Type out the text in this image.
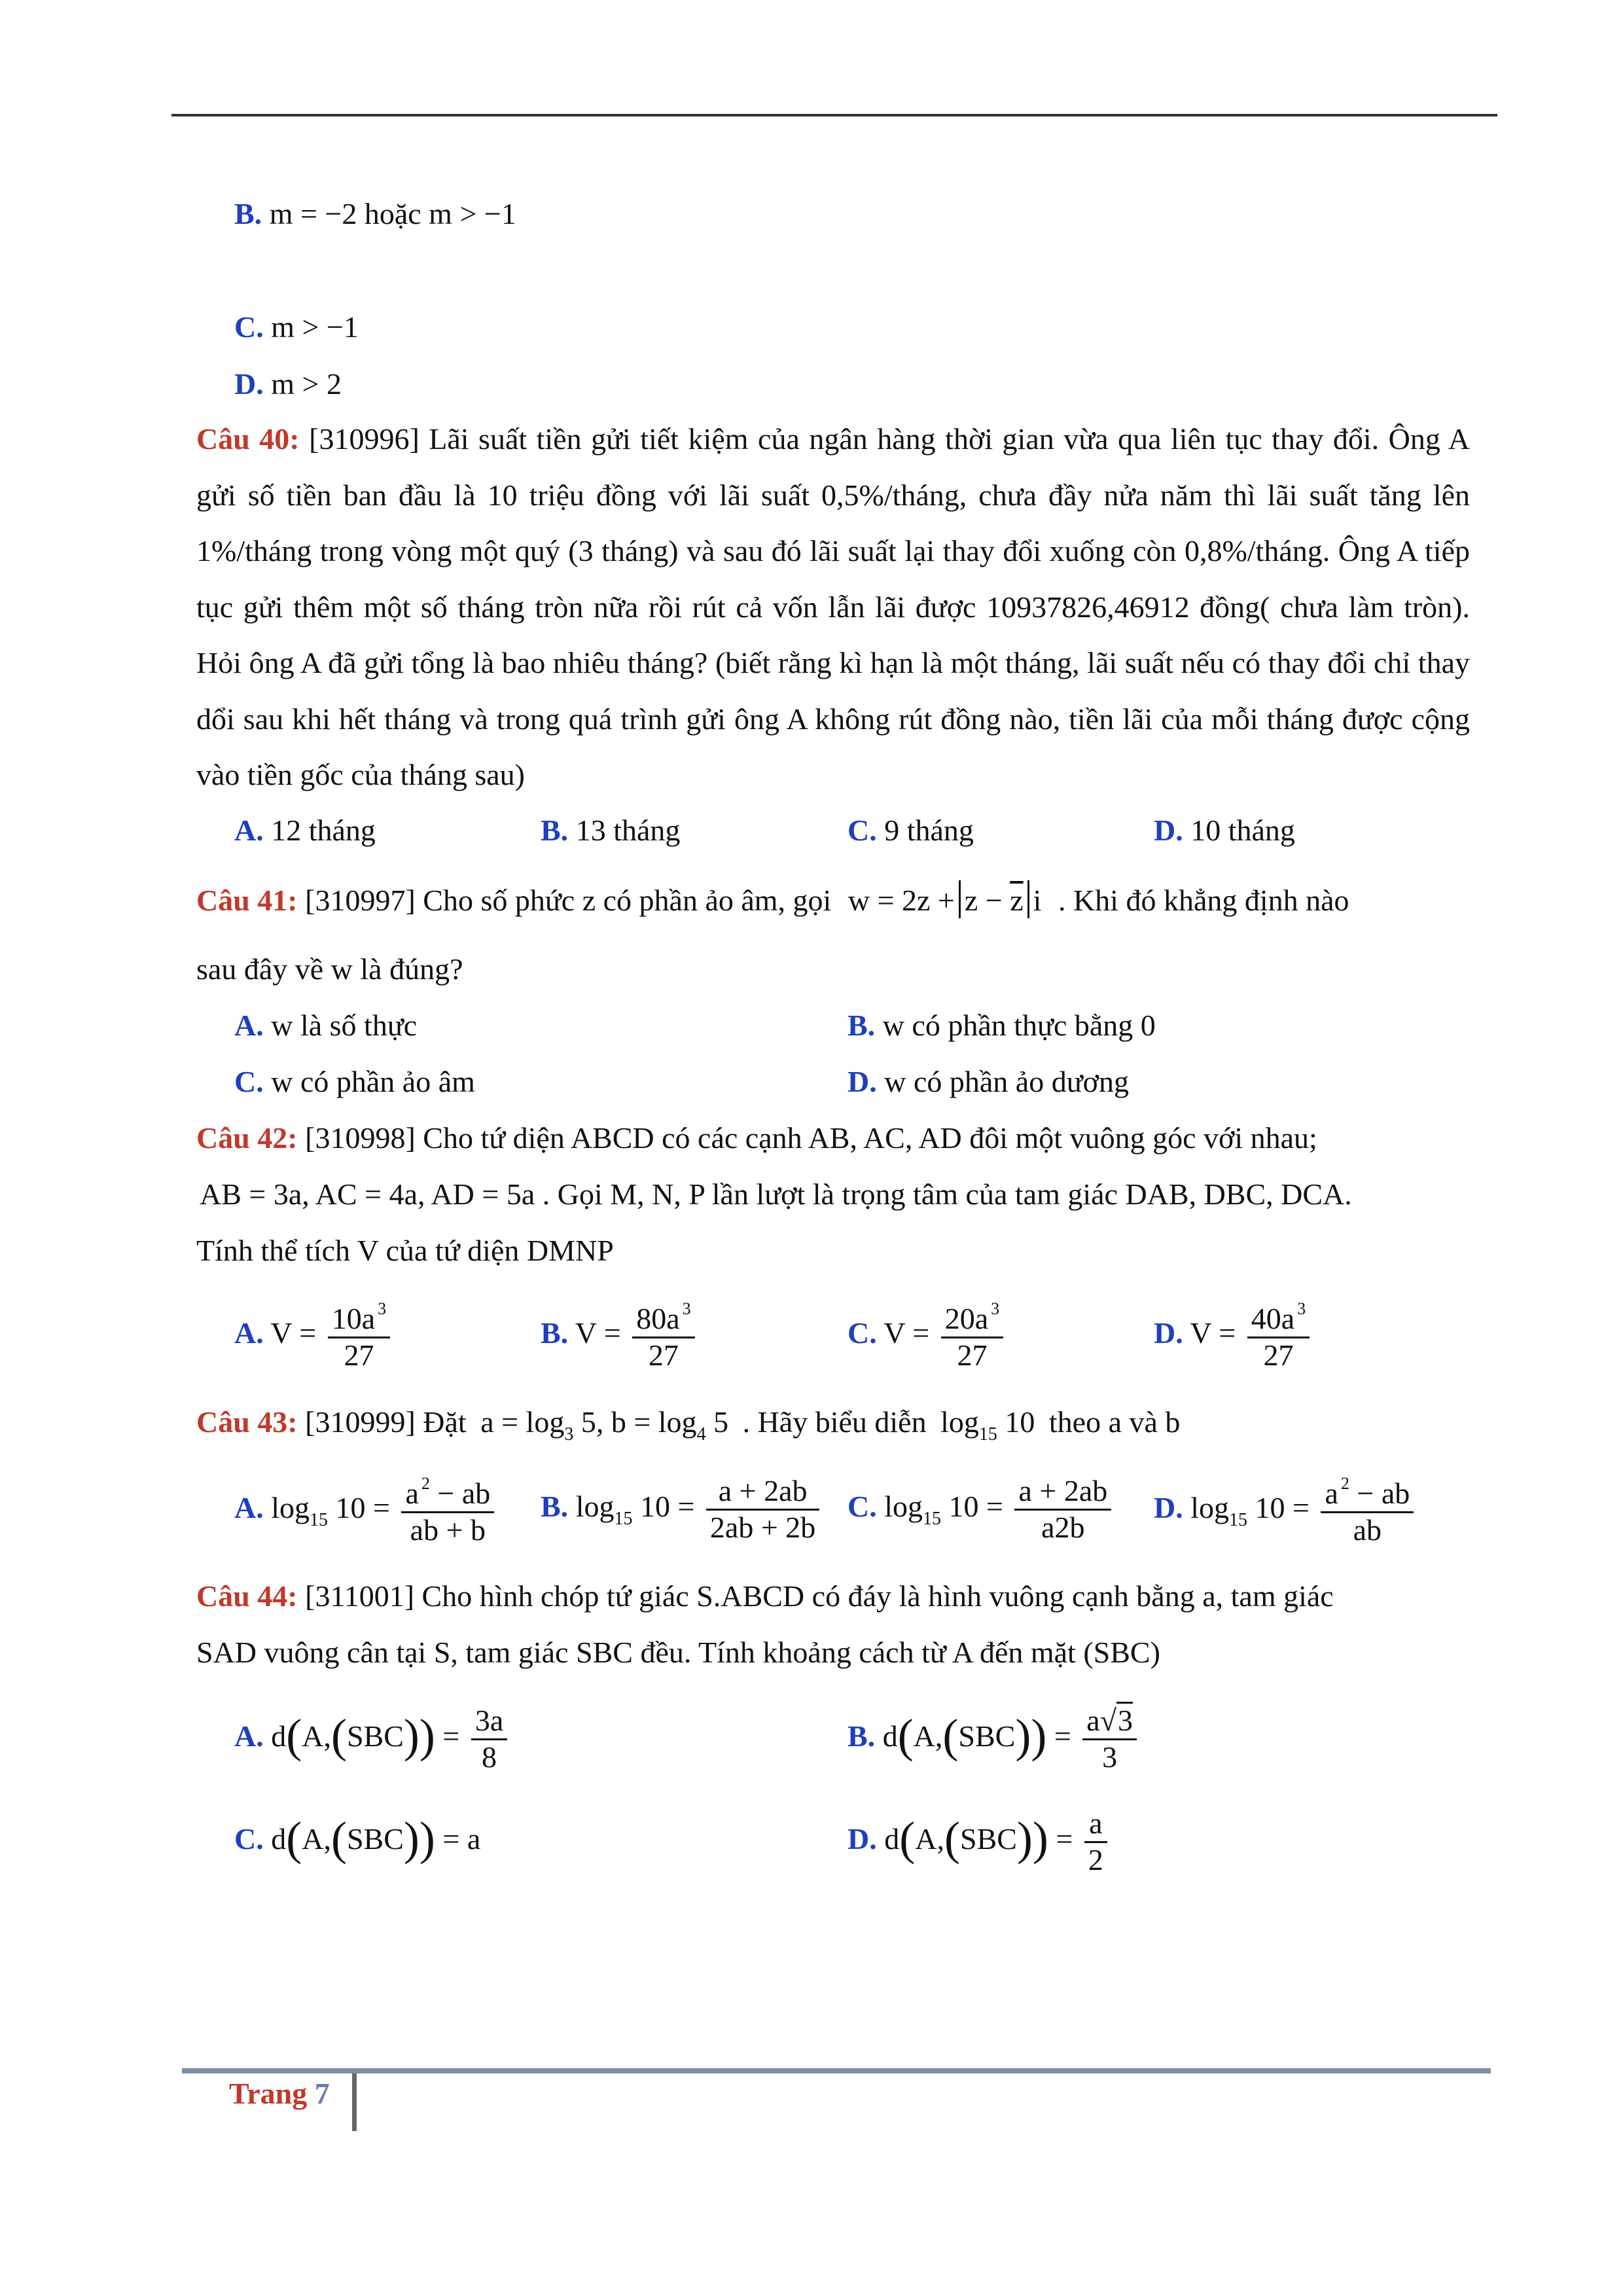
B. m = −2 hoặc m > −1
C. m > −1
D. m > 2
Câu 40: [310996] Lãi suất tiền gửi tiết kiệm của ngân hàng thời gian vừa qua liên tục thay đổi. Ông A gửi số tiền ban đầu là 10 triệu đồng với lãi suất 0,5%/tháng, chưa đầy nửa năm thì lãi suất tăng lên 1%/tháng trong vòng một quý (3 tháng) và sau đó lãi suất lại thay đổi xuống còn 0,8%/tháng. Ông A tiếp tục gửi thêm một số tháng tròn nữa rồi rút cả vốn lẫn lãi được 10937826,46912 đồng( chưa làm tròn). Hỏi ông A đã gửi tổng là bao nhiêu tháng? (biết rằng kì hạn là một tháng, lãi suất nếu có thay đổi chỉ thay dổi sau khi hết tháng và trong quá trình gửi ông A không rút đồng nào, tiền lãi của mỗi tháng được cộng vào tiền gốc của tháng sau)
A. 12 tháng	B. 13 tháng	C. 9 tháng	D. 10 tháng
Câu 41: [310997] Cho số phức z có phần ảo âm, gọi $w = 2z + z - \overline{z}$ i . Khi đó khẳng định nào
sau đây về w là đúng?
A. w là số thực	B. w có phần thực bằng 0
C. w có phần ảo âm	D. w có phần ảo dương
Câu 42: [310998] Cho tứ diện ABCD có các cạnh AB, AC, AD đôi một vuông góc với nhau;
AB = 3a, AC = 4a, AD = 5a . Gọi M, N, P lần lượt là trọng tâm của tam giác DAB, DBC, DCA.
Tính thể tích V của tứ diện DMNP
A. $V = \frac{10a ^3}{27}$	B. $V = \frac{80a ^3}{27}$	C. $V = \frac{20a ^3}{27}$	D. $V = \frac{40a ^3}{27}$
Câu 43: [310999] Đặt $a = \log_3 5$, $b = \log_4 5$ . Hãy biểu diễn $\log_{15} 10$ theo a và b
A. $\log_{15} 10 = \frac{a ^2 - ab}{ab + b} B$. $\log_{15} 10 = \frac{a + 2ab}{2ab + 2b} C$. $\log_{15} 10 = \frac{a + 2ab}{a2b} D$. $\log_{15} 10 = \frac{a ^2 - ab}{ab}$
Câu 44: [311001] Cho hình chóp tứ giác S.ABCD có đáy là hình vuông cạnh bằng a, tam giác
SAD vuông cân tại S, tam giác SBC đều. Tính khoảng cách từ A đến mặt (SBC)
A. $d(A,(SBC)) = \frac{3a}{8}$	B. $d(A,(SBC)) = \frac{a√3}{3}$
C. d(A,(SBC)) = a	D. $d(A,(SBC)) = \frac{a}{2}$
Trang 7
